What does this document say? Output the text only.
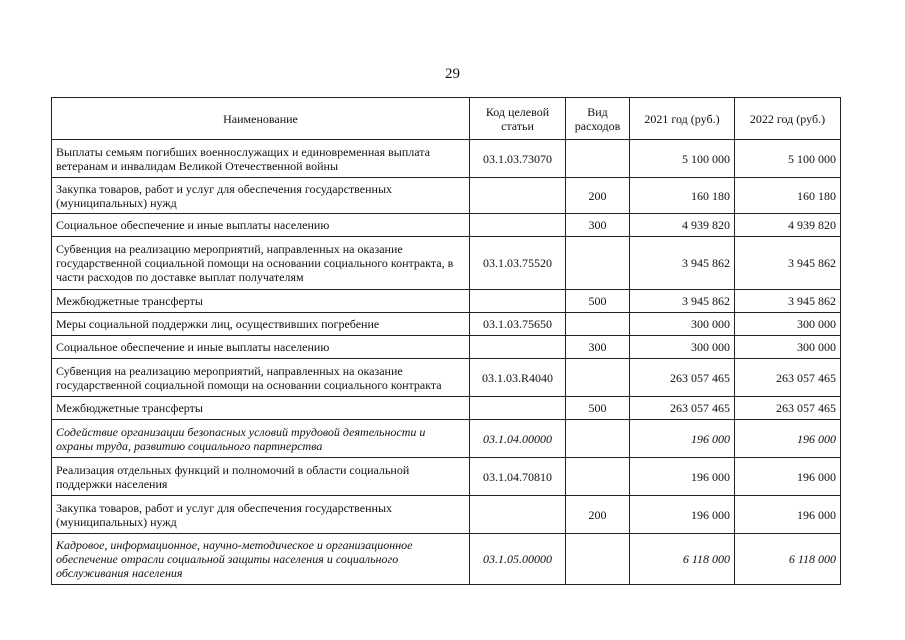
29
Наименование	Код целевой статьи	Вид расходов	2021 год (руб.)	2022 год (руб.)
Выплаты семьям погибших военнослужащих и единовременная выплата ветеранам и инвалидам Великой Отечественной войны	03.1.03.73070		5 100 000	5 100 000
Закупка товаров, работ и услуг для обеспечения государственных (муниципальных) нужд		200	160 180	160 180
Социальное обеспечение и иные выплаты населению		300	4 939 820	4 939 820
Субвенция на реализацию мероприятий, направленных на оказание государственной социальной помощи на основании социального контракта, в части расходов по доставке выплат получателям	03.1.03.75520		3 945 862	3 945 862
Межбюджетные трансферты		500	3 945 862	3 945 862
Меры социальной поддержки лиц, осуществивших погребение	03.1.03.75650		300 000	300 000
Социальное обеспечение и иные выплаты населению		300	300 000	300 000
Субвенция на реализацию мероприятий, направленных на оказание государственной социальной помощи на основании социального контракта	03.1.03.R4040		263 057 465	263 057 465
Межбюджетные трансферты		500	263 057 465	263 057 465
Содействие организации безопасных условий трудовой деятельности и охраны труда, развитию социального партнерства	03.1.04.00000		196 000	196 000
Реализация отдельных функций и полномочий в области социальной поддержки населения	03.1.04.70810		196 000	196 000
Закупка товаров, работ и услуг для обеспечения государственных (муниципальных) нужд		200	196 000	196 000
Кадровое, информационное, научно-методическое и организационное обеспечение отрасли социальной защиты населения и социального обслуживания населения	03.1.05.00000		6 118 000	6 118 000
